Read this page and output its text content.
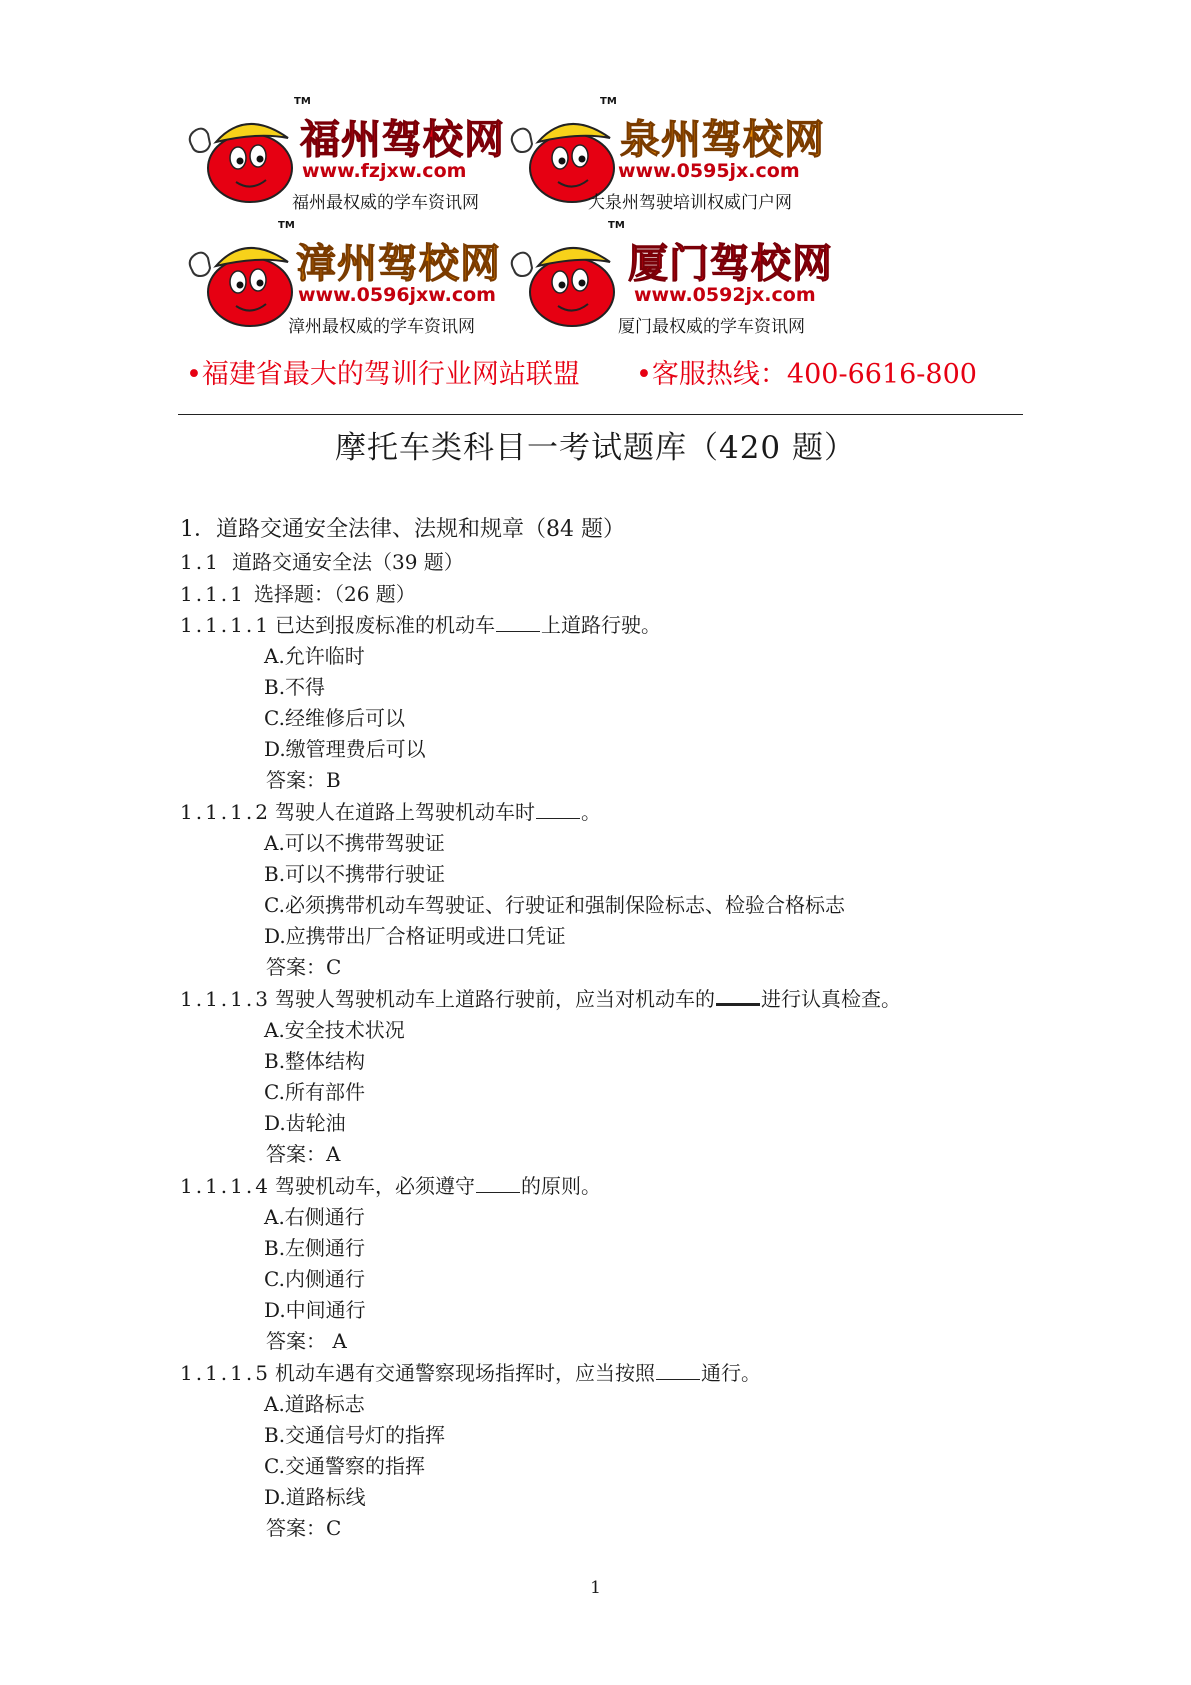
TM
福州驾校网
www.fzjxw.com
福州最权威的学车资讯网
TM
泉州驾校网
www.0595jx.com
大泉州驾驶培训权威门户网
TM
漳州驾校网
www.0596jxw.com
漳州最权威的学车资讯网
TM
厦门驾校网
www.0592jx.com
厦门最权威的学车资讯网
•福建省最大的驾训行业网站联盟 •客服热线：400-6616-800
摩托车类科目一考试题库（420 题）
1．道路交通安全法律、法规和规章（84 题）
1.1 道路交通安全法（39 题）
1.1.1 选择题：（26 题）
1.1.1.1 已达到报废标准的机动车 上道路行驶。
A.允许临时
B.不得
C.经维修后可以
D.缴管理费后可以
答案：B
1.1.1.2 驾驶人在道路上驾驶机动车时 。
A.可以不携带驾驶证
B.可以不携带行驶证
C.必须携带机动车驾驶证、行驶证和强制保险标志、检验合格标志
D.应携带出厂合格证明或进口凭证
答案：C
1.1.1.3 驾驶人驾驶机动车上道路行驶前，应当对机动车的 进行认真检查。
A.安全技术状况
B.整体结构
C.所有部件
D.齿轮油
答案：A
1.1.1.4 驾驶机动车，必须遵守 的原则。
A.右侧通行
B.左侧通行
C.内侧通行
D.中间通行
答案： A
1.1.1.5 机动车遇有交通警察现场指挥时，应当按照 通行。
A.道路标志
B.交通信号灯的指挥
C.交通警察的指挥
D.道路标线
答案：C
1
